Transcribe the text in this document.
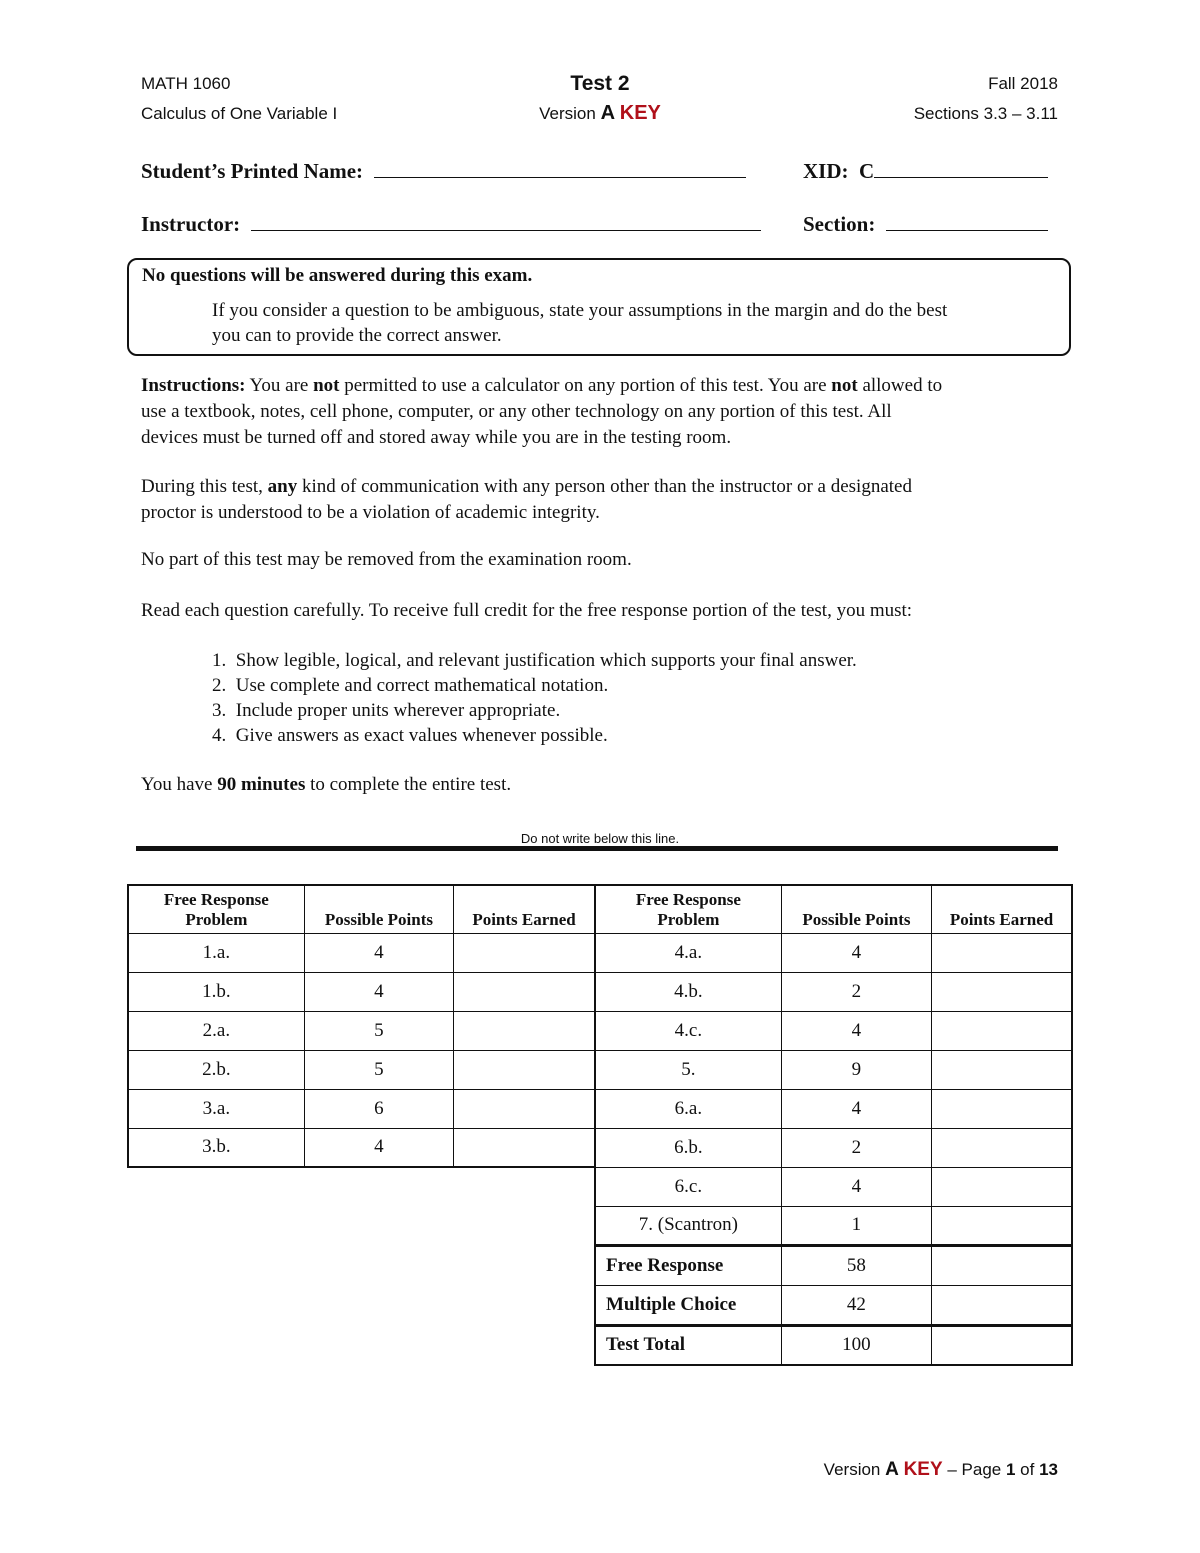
MATH 1060
Calculus of One Variable I
Test 2
Version A KEY
Fall 2018
Sections 3.3 – 3.11
Student’s Printed Name:	XID: C
Instructor:	Section:
No questions will be answered during this exam.
If you consider a question to be ambiguous, state your assumptions in the margin and do the best
you can to provide the correct answer.
Instructions: You are not permitted to use a calculator on any portion of this test. You are not allowed to
use a textbook, notes, cell phone, computer, or any other technology on any portion of this test. All
devices must be turned off and stored away while you are in the testing room.
During this test, any kind of communication with any person other than the instructor or a designated
proctor is understood to be a violation of academic integrity.
No part of this test may be removed from the examination room.
Read each question carefully. To receive full credit for the free response portion of the test, you must:
1. Show legible, logical, and relevant justification which supports your final answer.
2. Use complete and correct mathematical notation.
3. Include proper units wherever appropriate.
4. Give answers as exact values whenever possible.
You have 90 minutes to complete the entire test.
Do not write below this line.
Free Response
Problem	Possible Points	Points Earned
1.a.	4	
1.b.	4	
2.a.	5	
2.b.	5	
3.a.	6	
3.b.	4	
Free Response
Problem	Possible Points	Points Earned
4.a.	4	
4.b.	2	
4.c.	4	
5.	9	
6.a.	4	
6.b.	2	
6.c.	4	
7. (Scantron)	1	
Free Response	58	
Multiple Choice	42	
Test Total	100	
Version A KEY – Page 1 of 13
